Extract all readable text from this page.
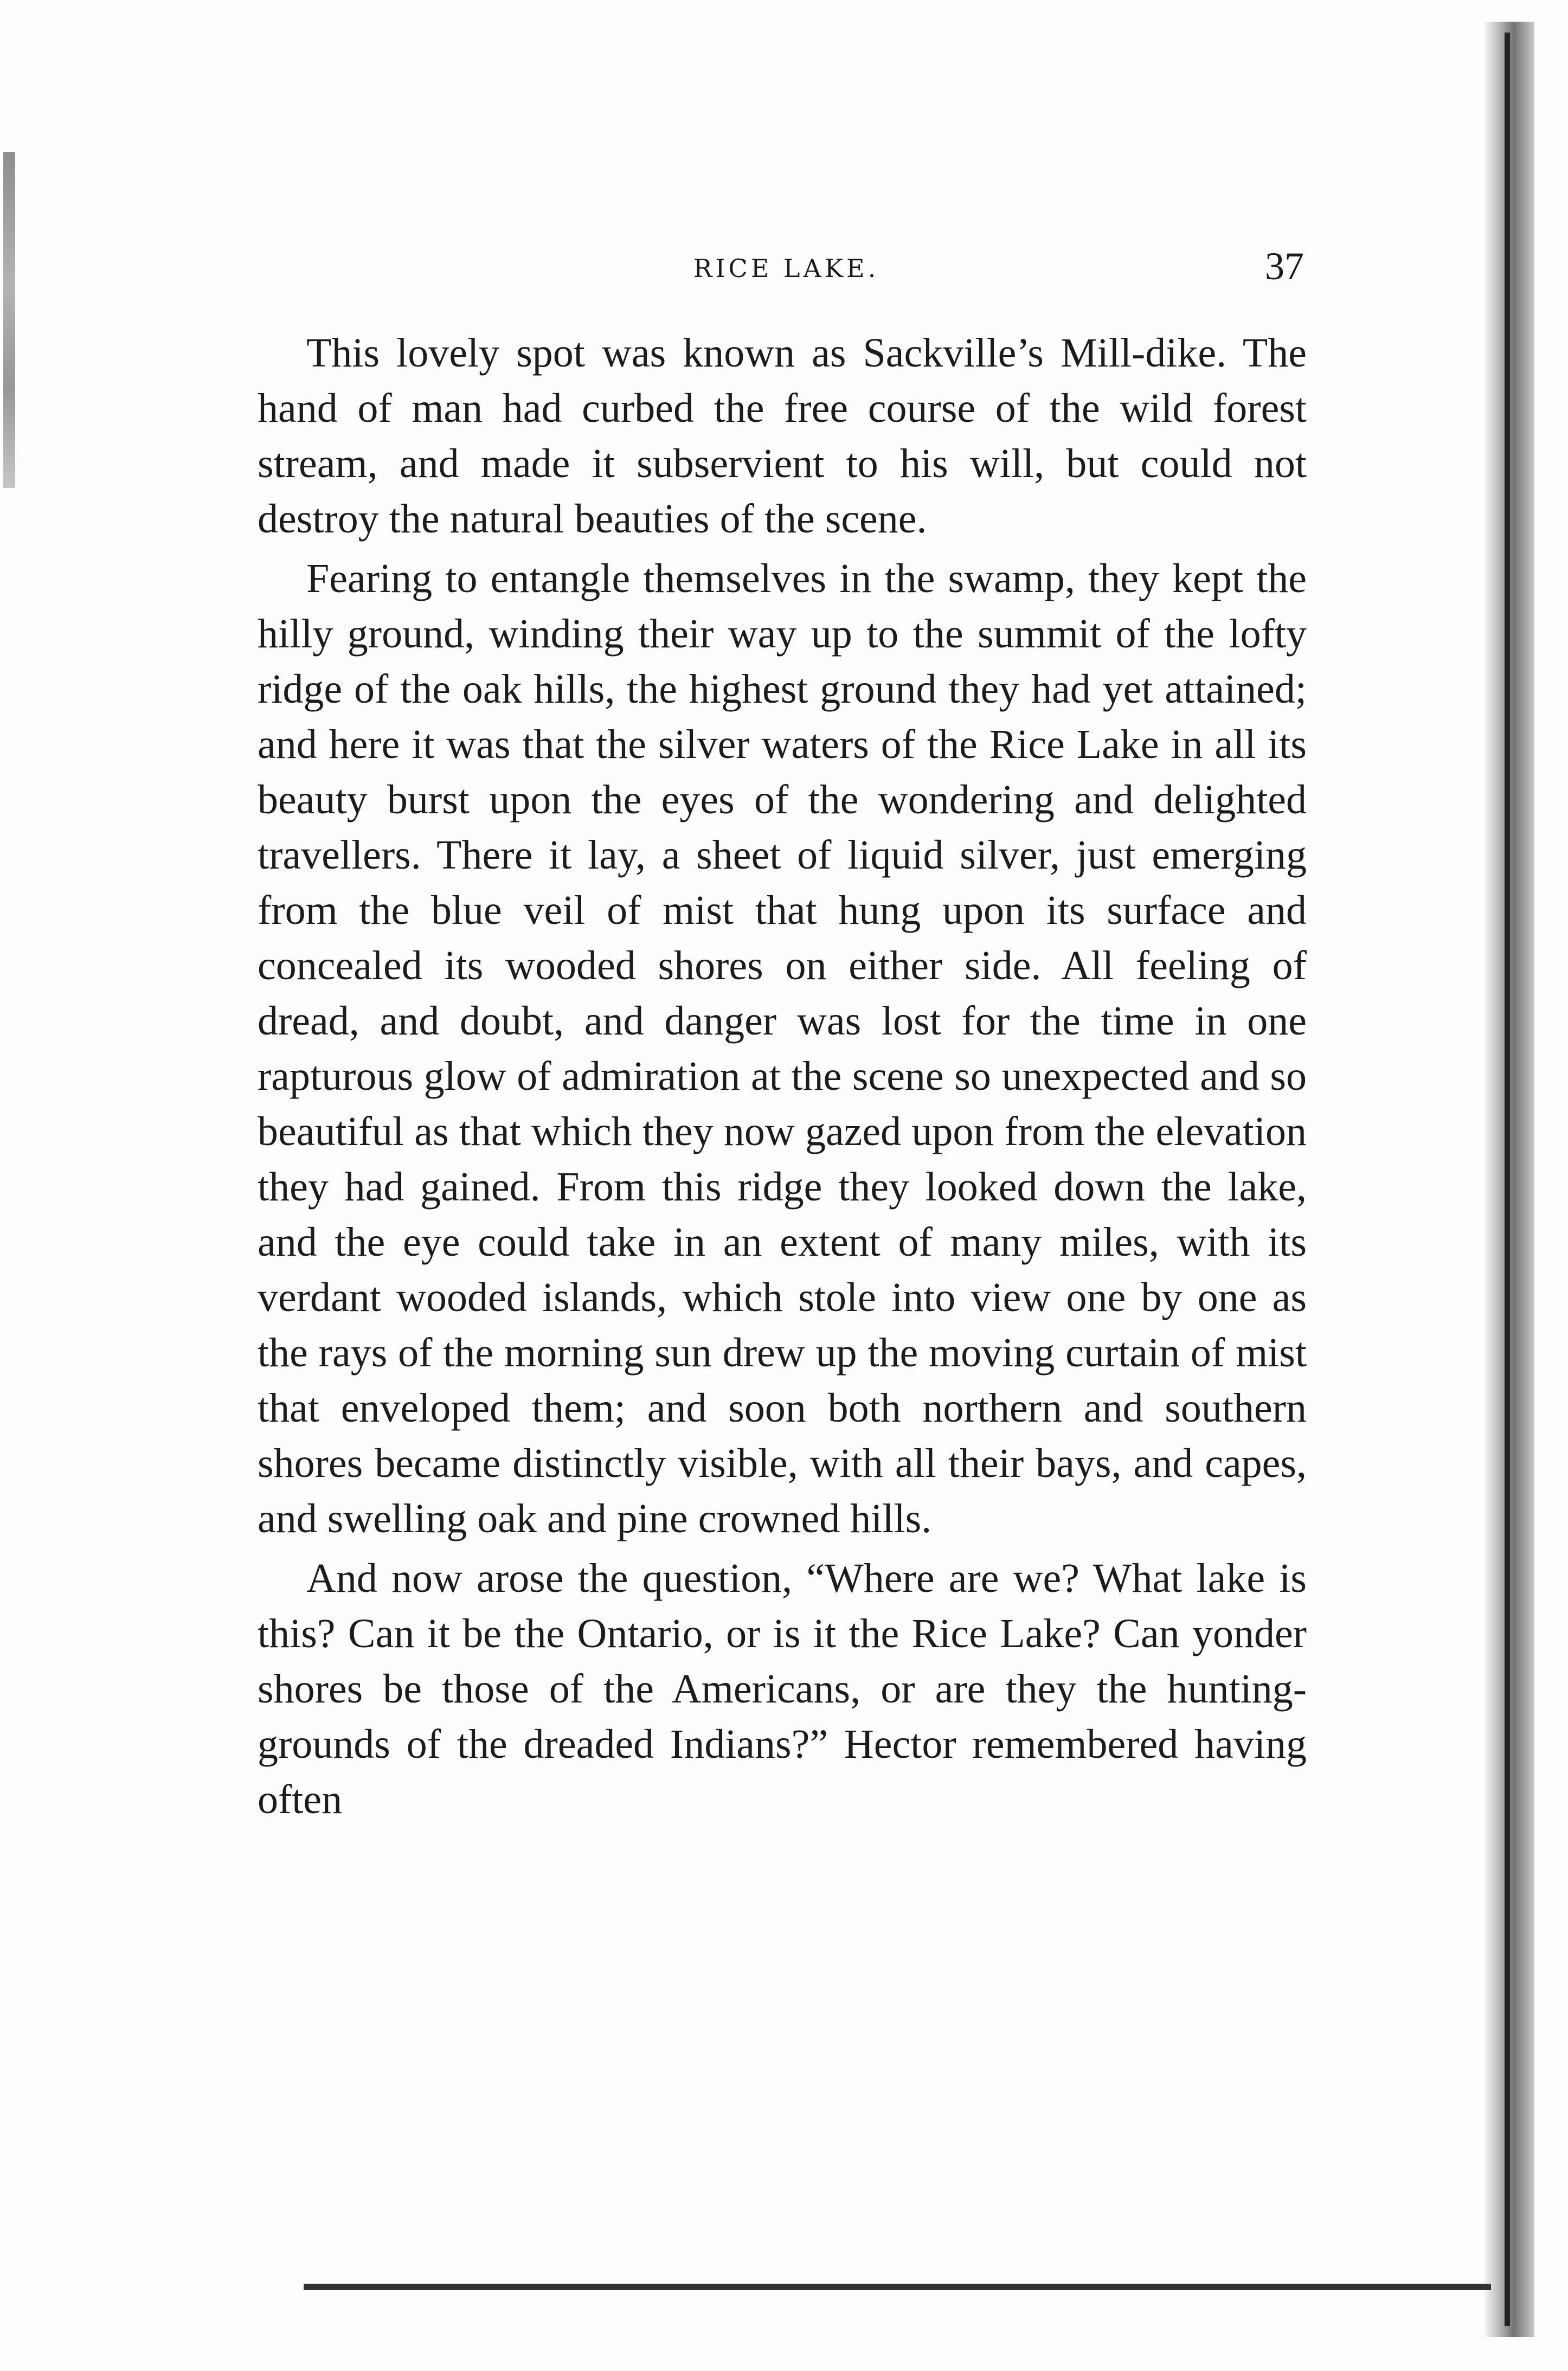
RICE LAKE.	37

This lovely spot was known as Sackville’s Mill-dike. The hand of man had curbed the free course of the wild forest stream, and made it subservient to his will, but could not destroy the natural beauties of the scene.

Fearing to entangle themselves in the swamp, they kept the hilly ground, winding their way up to the summit of the lofty ridge of the oak hills, the highest ground they had yet attained; and here it was that the silver waters of the Rice Lake in all its beauty burst upon the eyes of the wondering and delighted travellers. There it lay, a sheet of liquid silver, just emerging from the blue veil of mist that hung upon its surface and concealed its wooded shores on either side. All feeling of dread, and doubt, and danger was lost for the time in one rapturous glow of admiration at the scene so unexpected and so beautiful as that which they now gazed upon from the elevation they had gained. From this ridge they looked down the lake, and the eye could take in an extent of many miles, with its verdant wooded islands, which stole into view one by one as the rays of the morning sun drew up the moving curtain of mist that enveloped them; and soon both northern and southern shores became distinctly visible, with all their bays, and capes, and swelling oak and pine crowned hills.

And now arose the question, “Where are we? What lake is this? Can it be the Ontario, or is it the Rice Lake? Can yonder shores be those of the Americans, or are they the hunting-grounds of the dreaded Indians?” Hector remembered having often
